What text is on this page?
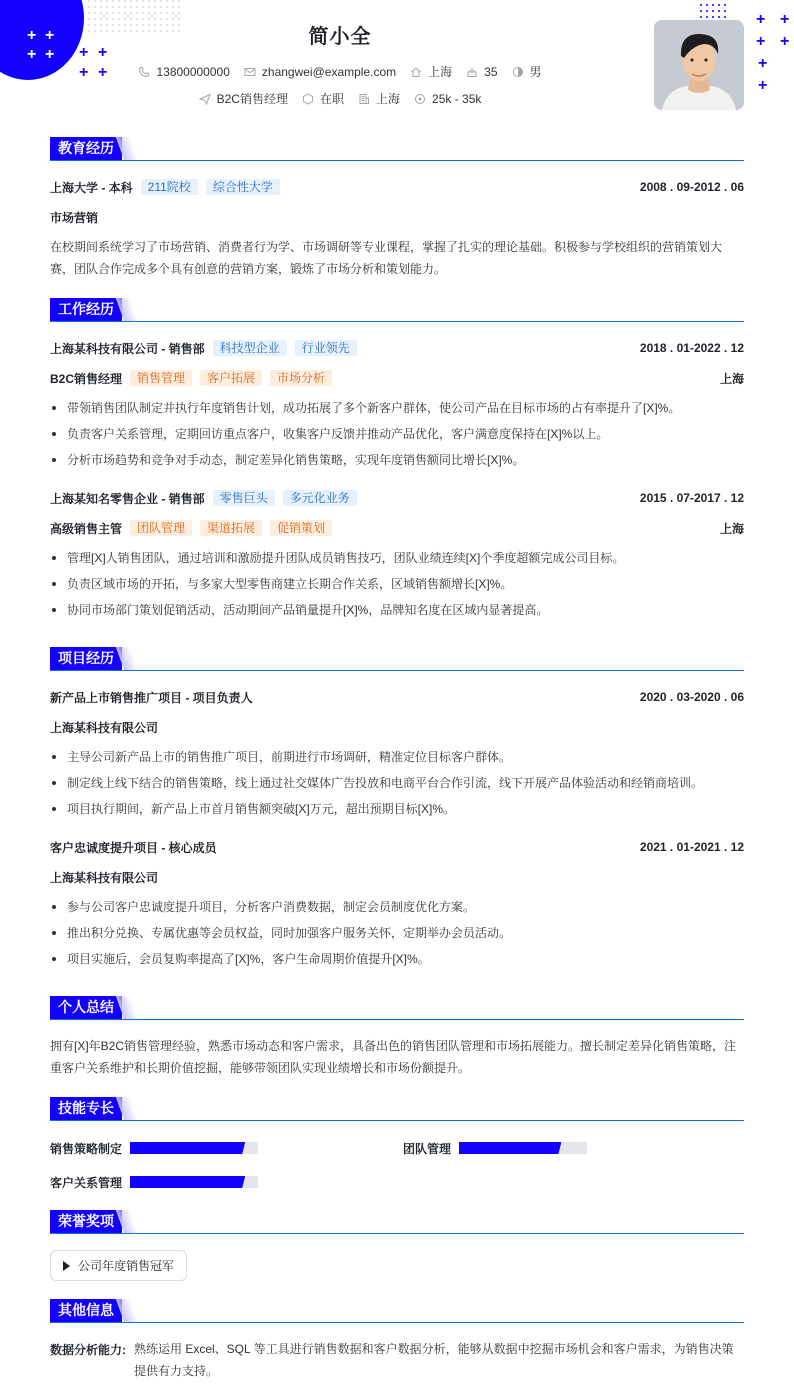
+ +
+ + + +
+ +
+ +
+ +
+
+
简小全
13800000000	zhangwei@example.com	上海	35	男
B2C销售经理	在职	上海	25k - 35k
教育经历
上海大学 - 本科	211院校	综合性大学	2008 . 09-2012 . 06
市场营销
在校期间系统学习了市场营销、消费者行为学、市场调研等专业课程，掌握了扎实的理论基础。积极参与学校组织的营销策划大赛，团队合作完成多个具有创意的营销方案，锻炼了市场分析和策划能力。
工作经历
上海某科技有限公司 - 销售部	科技型企业	行业领先	2018 . 01-2022 . 12
B2C销售经理	销售管理	客户拓展	市场分析	上海
带领销售团队制定并执行年度销售计划，成功拓展了多个新客户群体，使公司产品在目标市场的占有率提升了[X]%。
负责客户关系管理，定期回访重点客户，收集客户反馈并推动产品优化，客户满意度保持在[X]%以上。
分析市场趋势和竞争对手动态，制定差异化销售策略，实现年度销售额同比增长[X]%。
上海某知名零售企业 - 销售部	零售巨头	多元化业务	2015 . 07-2017 . 12
高级销售主管	团队管理	渠道拓展	促销策划	上海
管理[X]人销售团队，通过培训和激励提升团队成员销售技巧，团队业绩连续[X]个季度超额完成公司目标。
负责区域市场的开拓，与多家大型零售商建立长期合作关系，区域销售额增长[X]%。
协同市场部门策划促销活动，活动期间产品销量提升[X]%，品牌知名度在区域内显著提高。
项目经历
新产品上市销售推广项目 - 项目负责人	2020 . 03-2020 . 06
上海某科技有限公司
主导公司新产品上市的销售推广项目，前期进行市场调研，精准定位目标客户群体。
制定线上线下结合的销售策略，线上通过社交媒体广告投放和电商平台合作引流，线下开展产品体验活动和经销商培训。
项目执行期间，新产品上市首月销售额突破[X]万元，超出预期目标[X]%。
客户忠诚度提升项目 - 核心成员	2021 . 01-2021 . 12
上海某科技有限公司
参与公司客户忠诚度提升项目，分析客户消费数据，制定会员制度优化方案。
推出积分兑换、专属优惠等会员权益，同时加强客户服务关怀，定期举办会员活动。
项目实施后，会员复购率提高了[X]%，客户生命周期价值提升[X]%。
个人总结
拥有[X]年B2C销售管理经验，熟悉市场动态和客户需求，具备出色的销售团队管理和市场拓展能力。擅长制定差异化销售策略，注重客户关系维护和长期价值挖掘，能够带领团队实现业绩增长和市场份额提升。
技能专长
销售策略制定	团队管理
客户关系管理
荣誉奖项
公司年度销售冠军
其他信息
数据分析能力: 熟练运用 Excel、SQL 等工具进行销售数据和客户数据分析，能够从数据中挖掘市场机会和客户需求，为销售决策提供有力支持。
